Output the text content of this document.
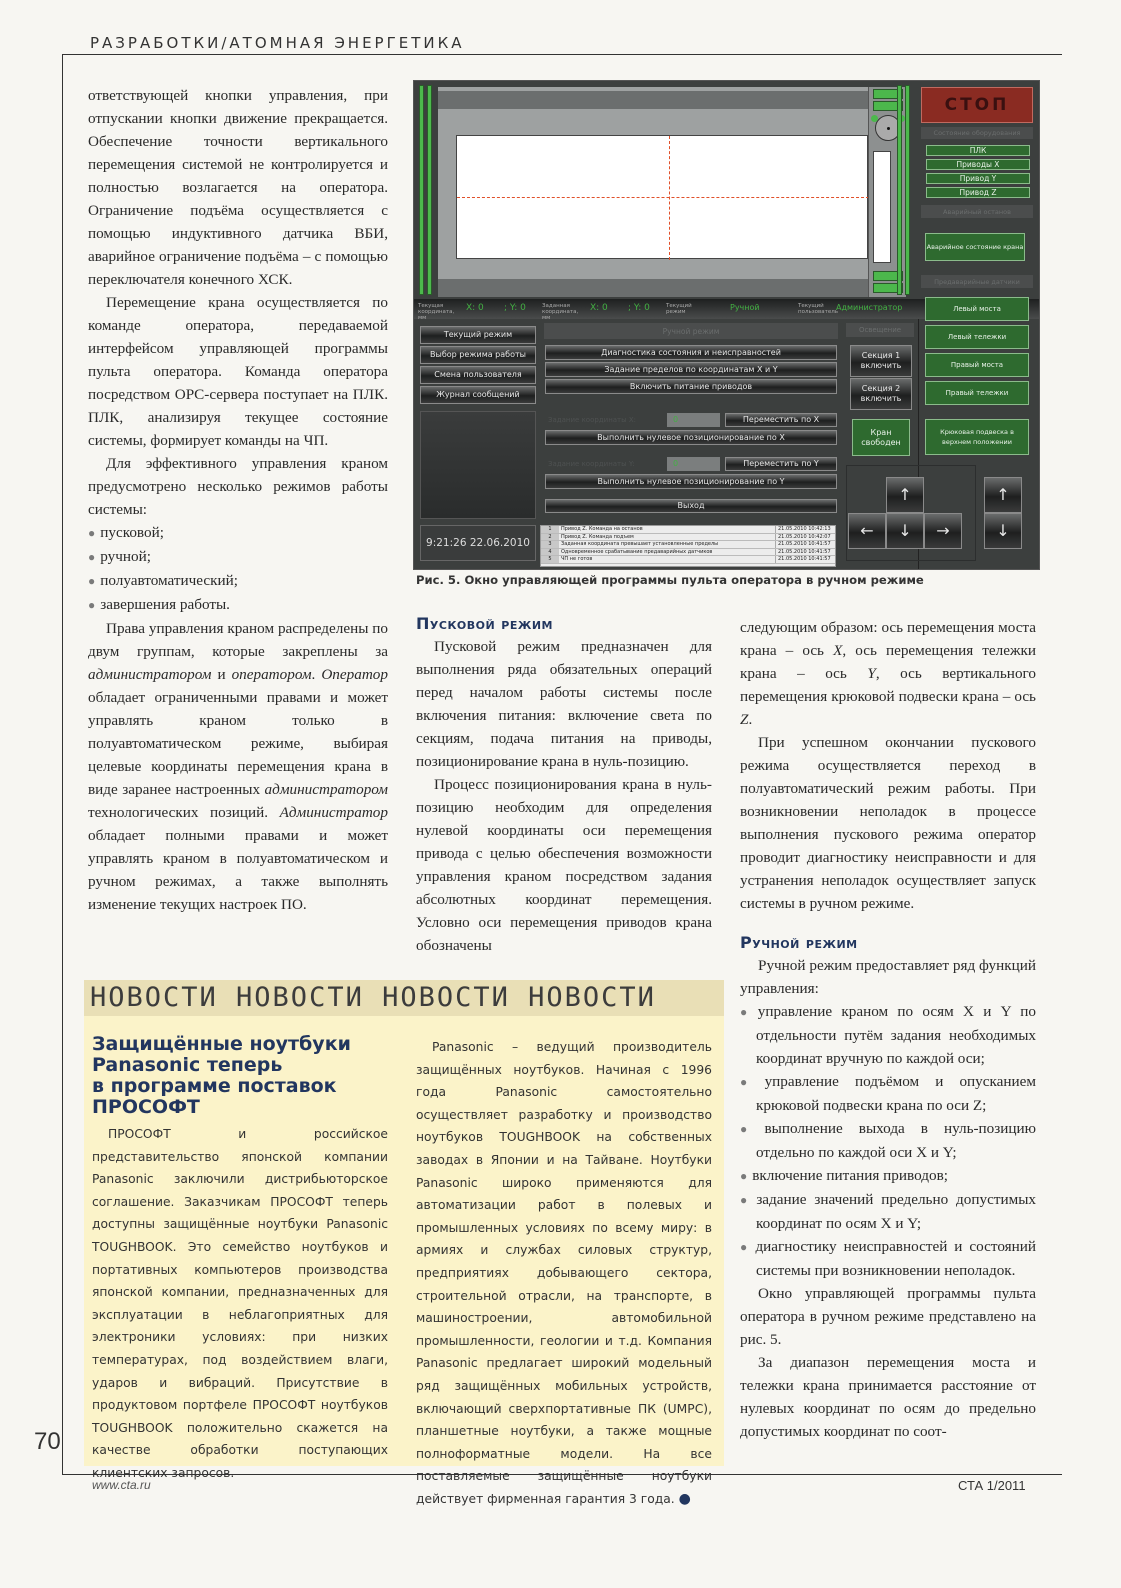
РАЗРАБОТКИ/АТОМНАЯ ЭНЕРГЕТИКА
70
www.cta.ru	СТА 1/2011

ответствующей кнопки управления, при отпускании кнопки движение прекращается. Обеспечение точности вертикального перемещения системой не контролируется и полностью возлагается на оператора. Ограничение подъёма осуществляется с помощью индуктивного датчика ВБИ, аварийное ограничение подъёма – с помощью переключателя конечного ХСК.

Перемещение крана осуществляется по команде оператора, передаваемой интерфейсом управляющей программы пульта оператора. Команда оператора посредством OPC-сервера поступает на ПЛК. ПЛК, анализируя текущее состояние системы, формирует команды на ЧП.

Для эффективного управления краном предусмотрено несколько режимов работы системы:

● пусковой;
● ручной;
● полуавтоматический;
● завершения работы.

Права управления краном распределены по двум группам, которые закреплены за администратором и оператором. Оператор обладает ограниченными правами и может управлять краном только в полуавтоматическом режиме, выбирая целевые координаты перемещения крана в виде заранее настроенных администратором технологических позиций. Администратор обладает полными правами и может управлять краном в полуавтоматическом и ручном режимах, а также выполнять изменение текущих настроек ПО.

СТОП
Состояние оборудования
ПЛК
Приводы X
Привод Y
Привод Z
Аварийный останов
Аварийное состояние крана
Предаварийные датчики
Текущая координата, мм
X: 0 ; Y: 0	Заданная координата, мм
X: 0 ; Y: 0	Текущий режим	Ручной	Текущий пользователь
Администратор
Текущий режим
Выбор режима работы
Смена пользователя
Журнал сообщений
9:21:26 22.06.2010
Ручной режим
Диагностика состояния и неисправностей
Задание пределов по координатам X и Y
Включить питание приводов
Задание координаты X:	0	Переместить по X
Выполнить нулевое позиционирование по X
Задание координаты Y:	0	Переместить по Y
Выполнить нулевое позиционирование по Y
Выход
1	Привод Z. Команда на останов	21.05.2010 10:42:13
2	Привод Z. Команда подъем	21.05.2010 10:42:07
3	Заданная координата превышает установленные пределы	21.05.2010 10:41:57
4	Одновременное срабатывание предаварийных датчиков	21.05.2010 10:41:57
5	ЧП не готов	21.05.2010 10:41:57
Освещение
Секция 1 включить
Секция 2 включить
Кран свободен
Левый моста
Левый тележки
Правый моста
Правый тележки
Крюковая подвеска в верхнем положении
↑
←	↓	→
↑
↓
Рис. 5. Окно управляющей программы пульта оператора в ручном режиме
Пусковой режим

Пусковой режим предназначен для выполнения ряда обязательных операций перед началом работы системы после включения питания: включение света по секциям, подача питания на приводы, позиционирование крана в нуль-позицию.

Процесс позиционирования крана в нуль-позицию необходим для определения нулевой координаты оси перемещения привода с целью обеспечения возможности управления краном посредством задания абсолютных координат перемещения. Условно оси перемещения приводов крана обозначены

следующим образом: ось перемещения моста крана – ось X, ось перемещения тележки крана – ось Y, ось вертикального перемещения крюковой подвески крана – ось Z.

При успешном окончании пускового режима осуществляется переход в полуавтоматический режим работы. При возникновении неполадок в процессе выполнения пускового режима оператор проводит диагностику неисправности и для устранения неполадок осуществляет запуск системы в ручном режиме.

Ручной режим

Ручной режим предоставляет ряд функций управления:

● управление краном по осям X и Y по отдельности путём задания необходимых координат вручную по каждой оси;
● управление подъёмом и опусканием крюковой подвески крана по оси Z;
● выполнение выхода в нуль-позицию отдельно по каждой оси X и Y;
● включение питания приводов;
● задание значений предельно допустимых координат по осям X и Y;
● диагностику неисправностей и состояний системы при возникновении неполадок.

Окно управляющей программы пульта оператора в ручном режиме представлено на рис. 5.

За диапазон перемещения моста и тележки крана принимается расстояние от нулевых координат по осям до предельно допустимых координат по соот-

НОВОСТИ НОВОСТИ НОВОСТИ НОВОСТИ
Защищённые ноутбуки
Panasonic теперь
в программе поставок
ПРОСОФТ

ПРОСОФТ и российское представительство японской компании Panasonic заключили дистрибьюторское соглашение. Заказчикам ПРОСОФТ теперь доступны защищённые ноутбуки Panasonic TOUGHBOOK. Это семейство ноутбуков и портативных компьютеров производства японской компании, предназначенных для эксплуатации в неблагоприятных для электроники условиях: при низких температурах, под воздействием влаги, ударов и вибраций. Присутствие в продуктовом портфеле ПРОСОФТ ноутбуков TOUGHBOOK положительно скажется на качестве обработки поступающих клиентских запросов.

Panasonic – ведущий производитель защищённых ноутбуков. Начиная с 1996 года Panasonic самостоятельно осуществляет разработку и производство ноутбуков TOUGHBOOK на собственных заводах в Японии и на Тайване. Ноутбуки Panasonic широко применяются для автоматизации работ в полевых и промышленных условиях по всему миру: в армиях и службах силовых структур, предприятиях добывающего сектора, строительной отрасли, на транспорте, в машиностроении, автомобильной промышленности, геологии и т.д. Компания Panasonic предлагает широкий модельный ряд защищённых мобильных устройств, включающий сверхпортативные ПК (UMPC), планшетные ноутбуки, а также мощные полноформатные модели. На все поставляемые защищённые ноутбуки действует фирменная гарантия 3 года. ●
